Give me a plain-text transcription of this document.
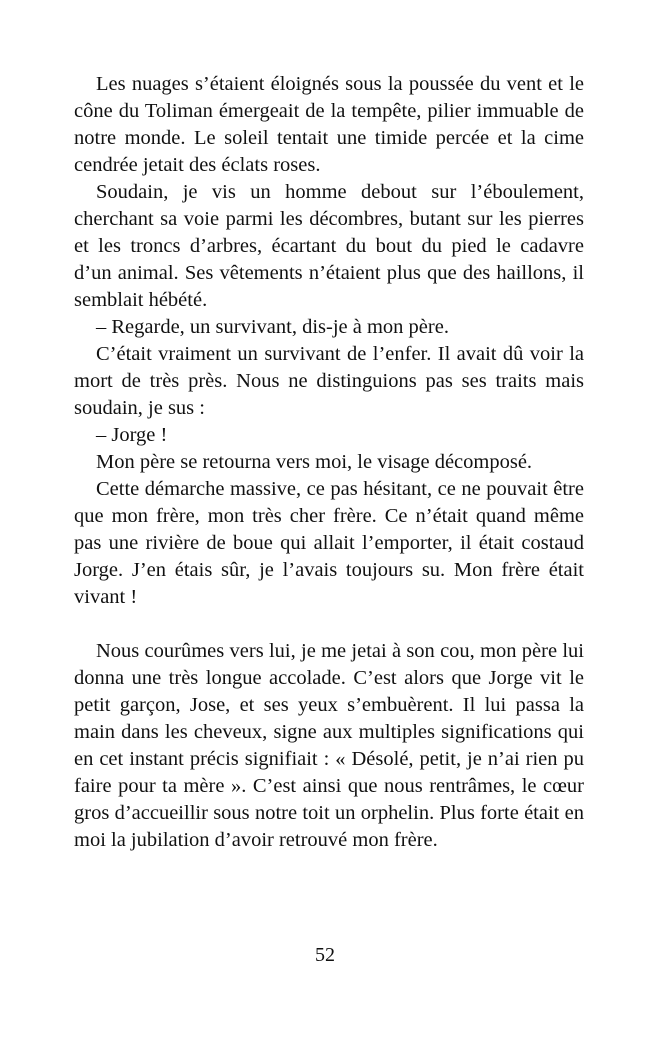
Les nuages s’étaient éloignés sous la poussée du vent et le cône du Toliman émergeait de la tempête, pilier immuable de notre monde. Le soleil tentait une timide percée et la cime cendrée jetait des éclats roses.

Soudain, je vis un homme debout sur l’éboulement, cherchant sa voie parmi les décombres, butant sur les pierres et les troncs d’arbres, écartant du bout du pied le cadavre d’un animal. Ses vêtements n’étaient plus que des haillons, il semblait hébété.

– Regarde, un survivant, dis-je à mon père.

C’était vraiment un survivant de l’enfer. Il avait dû voir la mort de très près. Nous ne distinguions pas ses traits mais soudain, je sus :

– Jorge !

Mon père se retourna vers moi, le visage décomposé.

Cette démarche massive, ce pas hésitant, ce ne pouvait être que mon frère, mon très cher frère. Ce n’était quand même pas une rivière de boue qui allait l’emporter, il était costaud Jorge. J’en étais sûr, je l’avais toujours su. Mon frère était vivant !

Nous courûmes vers lui, je me jetai à son cou, mon père lui donna une très longue accolade. C’est alors que Jorge vit le petit garçon, Jose, et ses yeux s’embuèrent. Il lui passa la main dans les cheveux, signe aux multiples significations qui en cet instant précis signifiait : « Désolé, petit, je n’ai rien pu faire pour ta mère ». C’est ainsi que nous rentrâmes, le cœur gros d’accueillir sous notre toit un orphelin. Plus forte était en moi la jubilation d’avoir retrouvé mon frère.

52
